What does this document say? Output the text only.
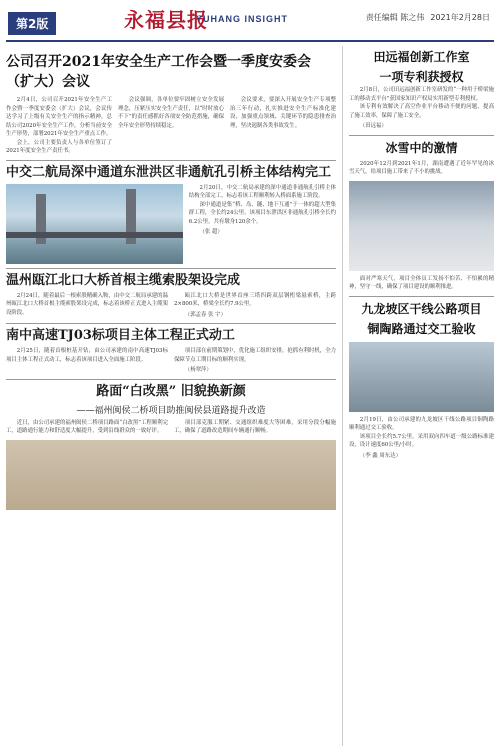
第2版	永福县报
YUHANG INSIGHT	责任编辑 陈之伟 2021年2月28日
公司召开2021年安全生产工作会暨一季度安委会（扩大）会议

2月4日，公司召开2021年安全生产工作会暨一季度安委会（扩大）会议，会议传达学习了上级有关安全生产的指示精神，总结公司2020年安全生产工作，分析当前安全生产形势，部署2021年安全生产重点工作。

会上，公司主要负责人与各单位签订了2021年度安全生产责任书。

会议强调，各单位要牢固树立安全发展理念，压紧压实安全生产责任，以“时时放心不下”的责任感抓好各项安全防范措施，确保全年安全形势持续稳定。

会议要求，要深入开展安全生产专项整治三年行动，扎实推进安全生产标准化建设，加强重点领域、关键环节的隐患排查治理，坚决遏制各类事故发生。

中交二航局深中通道东泄洪区非通航孔引桥主体结构完工

2月20日，中交二航局承建的深中通道非通航孔引桥主体结构全部完工，标志着该工程顺利转入桥面系施工阶段。

深中通道是集“桥、岛、隧、地下互通”于一体的超大型集群工程，全长约24公里。该项目东泄洪区非通航孔引桥全长约6.2公里，共有墩身120余个。

（张 超）

温州瓯江北口大桥首根主缆索股架设完成

2月24日，随着最后一根索股精确入鞍，由中交二航局承建的温州瓯江北口大桥首根主缆索股架设完成，标志着该桥正式进入主缆架设阶段。

瓯江北口大桥是世界首座三塔四跨双层钢桁梁悬索桥，主跨2×800米，桥梁全长约7.9公里。

（郭孟春 张 宇）

南中高速TJ03标项目主体工程正式动工

2月25日，随着首根桩基开钻，由公司承建的南中高速TJ03标项目主体工程正式动工，标志着该项目进入全面施工阶段。

项目部在前期策划中，优化施工组织安排，抢抓有利时机，全力保障节点工期目标的顺利实现。

（杨翠萍）

路面“白改黑” 旧貌换新颜
——福州闽侯二桥项目助推闽侯县道路提升改造

近日，由公司承建的福州闽侯二桥项目路面“白改黑”工程顺利完工，道路通行能力和舒适度大幅提升，受到沿线群众的一致好评。

项目部克服工期紧、交通组织难度大等困难，采用分段分幅施工，确保了道路改造期间车辆通行顺畅。

田远福创新工作室
一项专利获授权

2月8日，公司田远福创新工作室研发的“一种用于桥梁施工的移动式平台”获国家知识产权局实用新型专利授权。

该专利有效解决了高空作业平台移动不便的问题，提高了施工效率，保障了施工安全。

（田远福）

冰雪中的激情

2020年12月到2021年1月，湖南遭遇了近年罕见的冰雪天气，给项目施工带来了不小的挑战。

面对严寒天气，项目全体员工发扬不怕苦、不怕累的精神，坚守一线，确保了项目建设的顺利推进。

九龙坡区干线公路项目
铜陶路通过交工验收

2月19日，由公司承建的九龙坡区干线公路项目铜陶路顺利通过交工验收。

该项目全长约5.7公里，采用双向四车道一级公路标准建设，设计速度60公里/小时。

（李 鑫 周东达）
